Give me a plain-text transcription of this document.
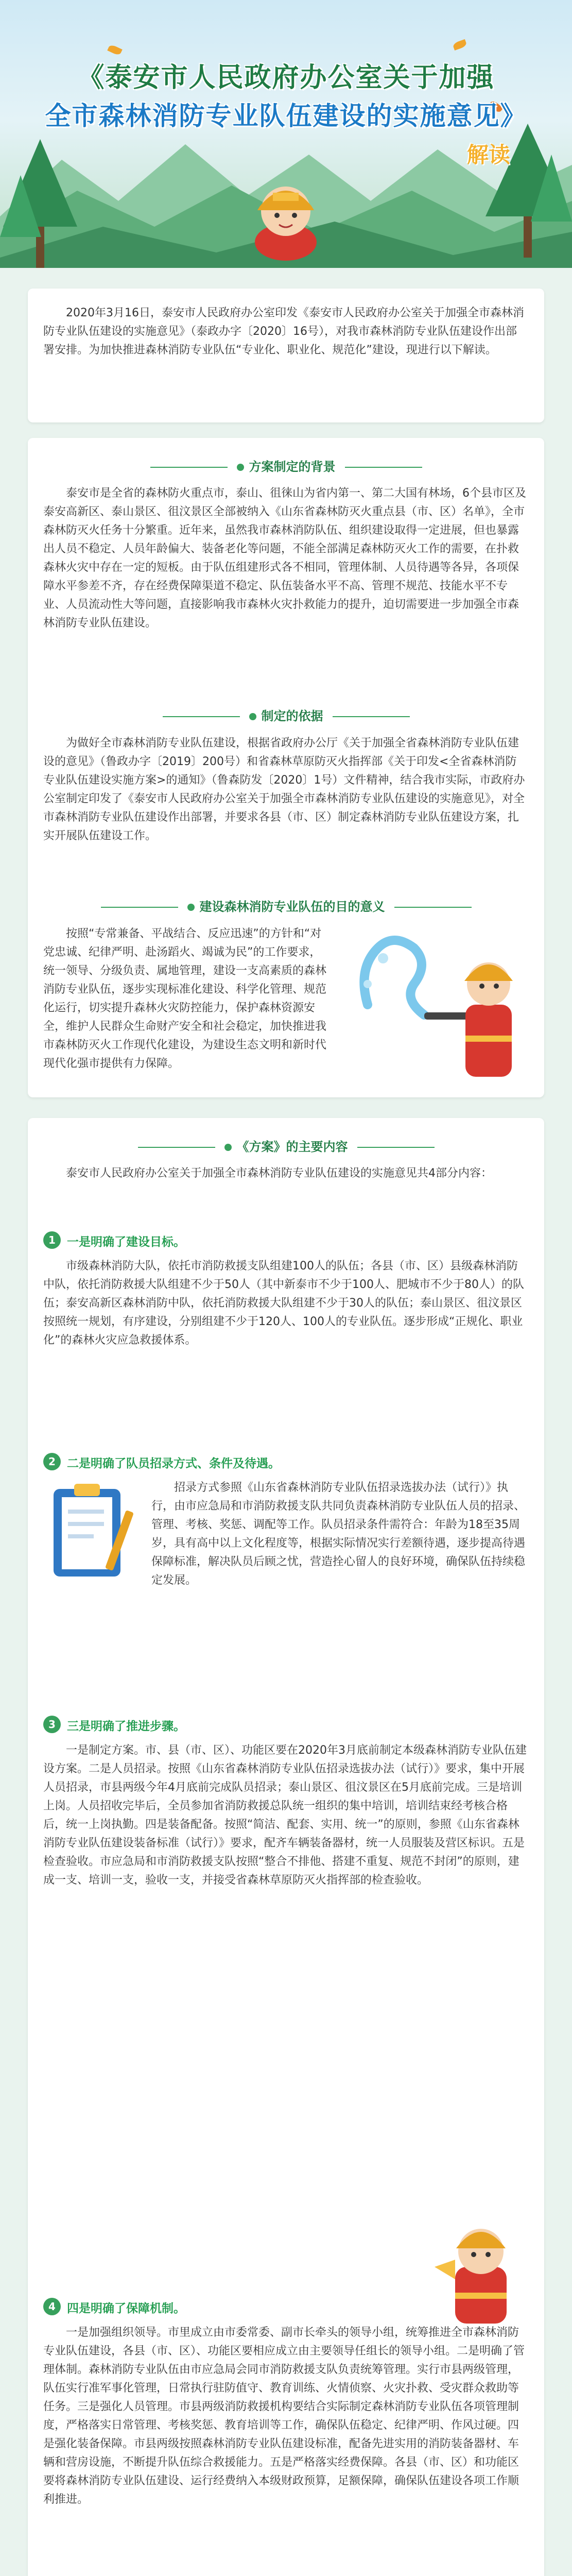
《泰安市人民政府办公室关于加强
全市森林消防专业队伍建设的实施意见》
解读
2020年3月16日，泰安市人民政府办公室印发《泰安市人民政府办公室关于加强全市森林消防专业队伍建设的实施意见》（泰政办字〔2020〕16号），对我市森林消防专业队伍建设作出部署安排。为加快推进森林消防专业队伍“专业化、职业化、规范化”建设，现进行以下解读。
方案制定的背景
泰安市是全省的森林防火重点市，泰山、徂徕山为省内第一、第二大国有林场，6个县市区及泰安高新区、泰山景区、徂汶景区全部被纳入《山东省森林防灭火重点县（市、区）名单》，全市森林防灭火任务十分繁重。近年来，虽然我市森林消防队伍、组织建设取得一定进展，但也暴露出人员不稳定、人员年龄偏大、装备老化等问题，不能全部满足森林防灭火工作的需要，在扑救森林火灾中存在一定的短板。由于队伍组建形式各不相同，管理体制、人员待遇等各异，各项保障水平参差不齐，存在经费保障渠道不稳定、队伍装备水平不高、管理不规范、技能水平不专业、人员流动性大等问题，直接影响我市森林火灾扑救能力的提升，迫切需要进一步加强全市森林消防专业队伍建设。
制定的依据
为做好全市森林消防专业队伍建设，根据省政府办公厅《关于加强全省森林消防专业队伍建设的意见》（鲁政办字〔2019〕200号）和省森林草原防灭火指挥部《关于印发<全省森林消防专业队伍建设实施方案>的通知》（鲁森防发〔2020〕1号）文件精神，结合我市实际，市政府办公室制定印发了《泰安市人民政府办公室关于加强全市森林消防专业队伍建设的实施意见》，对全市森林消防专业队伍建设作出部署，并要求各县（市、区）制定森林消防专业队伍建设方案，扎实开展队伍建设工作。
建设森林消防专业队伍的目的意义
按照“专常兼备、平战结合、反应迅速”的方针和“对党忠诚、纪律严明、赴汤蹈火、竭诚为民”的工作要求，统一领导、分级负责、属地管理，建设一支高素质的森林消防专业队伍，逐步实现标准化建设、科学化管理、规范化运行，切实提升森林火灾防控能力，保护森林资源安全，维护人民群众生命财产安全和社会稳定，加快推进我市森林防灭火工作现代化建设，为建设生态文明和新时代现代化强市提供有力保障。
《方案》的主要内容
泰安市人民政府办公室关于加强全市森林消防专业队伍建设的实施意见共4部分内容：
1 一是明确了建设目标。
市级森林消防大队，依托市消防救援支队组建100人的队伍；各县（市、区）县级森林消防中队，依托消防救援大队组建不少于50人（其中新泰市不少于100人、肥城市不少于80人）的队伍；泰安高新区森林消防中队，依托消防救援大队组建不少于30人的队伍；泰山景区、徂汶景区按照统一规划，有序建设，分别组建不少于120人、100人的专业队伍。逐步形成“正规化、职业化”的森林火灾应急救援体系。
2 二是明确了队员招录方式、条件及待遇。
招录方式参照《山东省森林消防专业队伍招录选拔办法（试行）》执行，由市应急局和市消防救援支队共同负责森林消防专业队伍人员的招录、管理、考核、奖惩、调配等工作。队员招录条件需符合：年龄为18至35周岁，具有高中以上文化程度等，根据实际情况实行差额待遇，逐步提高待遇保障标准，解决队员后顾之忧，营造拴心留人的良好环境，确保队伍持续稳定发展。
3 三是明确了推进步骤。
一是制定方案。市、县（市、区）、功能区要在2020年3月底前制定本级森林消防专业队伍建设方案。二是人员招录。按照《山东省森林消防专业队伍招录选拔办法（试行）》要求，集中开展人员招录，市县两级今年4月底前完成队员招录；泰山景区、徂汶景区在5月底前完成。三是培训上岗。人员招收完毕后，全员参加省消防救援总队统一组织的集中培训，培训结束经考核合格后，统一上岗执勤。四是装备配备。按照“简洁、配套、实用、统一”的原则，参照《山东省森林消防专业队伍建设装备标准（试行）》要求，配齐车辆装备器材，统一人员服装及营区标识。五是检查验收。市应急局和市消防救援支队按照“整合不排他、搭建不重复、规范不封闭”的原则，建成一支、培训一支，验收一支，并接受省森林草原防灭火指挥部的检查验收。
4 四是明确了保障机制。
一是加强组织领导。市里成立由市委常委、副市长牵头的领导小组，统筹推进全市森林消防专业队伍建设，各县（市、区）、功能区要相应成立由主要领导任组长的领导小组。二是明确了管理体制。森林消防专业队伍由市应急局会同市消防救援支队负责统筹管理。实行市县两级管理，队伍实行准军事化管理，日常执行驻防值守、教育训练、火情侦察、火灾扑救、受灾群众救助等任务。三是强化人员管理。市县两级消防救援机构要结合实际制定森林消防专业队伍各项管理制度，严格落实日常管理、考核奖惩、教育培训等工作，确保队伍稳定、纪律严明、作风过硬。四是强化装备保障。市县两级按照森林消防专业队伍建设标准，配备先进实用的消防装备器材、车辆和营房设施，不断提升队伍综合救援能力。五是严格落实经费保障。各县（市、区）和功能区要将森林消防专业队伍建设、运行经费纳入本级财政预算，足额保障，确保队伍建设各项工作顺利推进。
